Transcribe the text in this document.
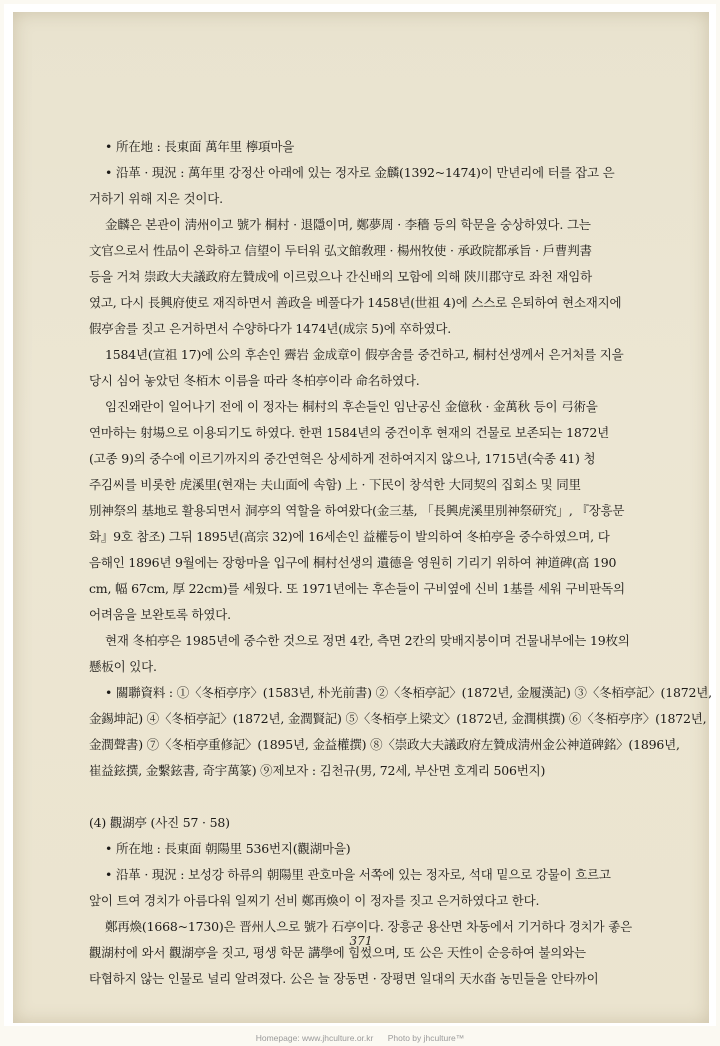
• 所在地 : 長東面 萬年里 檸項마을
• 沿革 · 現況 : 萬年里 강정산 아래에 있는 정자로 金麟(1392~1474)이 만년리에 터를 잡고 은
거하기 위해 지은 것이다.
金麟은 본관이 淸州이고 號가 桐村 · 退隱이며, 鄭夢周 · 李穡 등의 학문을 숭상하였다. 그는
文官으로서 性品이 온화하고 信望이 두터워 弘文館敎理 · 楊州牧使 · 承政院都承旨 · 戶曹判書
등을 거쳐 崇政大夫議政府左贊成에 이르렀으나 간신배의 모함에 의해 陝川郡守로 좌천 재임하
였고, 다시 長興府使로 재직하면서 善政을 베풀다가 1458년(世祖 4)에 스스로 은퇴하여 현소재지에
假亭舍를 짓고 은거하면서 수양하다가 1474년(成宗 5)에 卒하였다.
1584년(宣祖 17)에 公의 후손인 霽岩 金成章이 假亭舍를 중건하고, 桐村선생께서 은거처를 지을
당시 심어 놓았던 冬栢木 이름을 따라 冬柏亭이라 命名하였다.
임진왜란이 일어나기 전에 이 정자는 桐村의 후손들인 임난공신 金億秋 · 金萬秋 등이 弓術을
연마하는 射場으로 이용되기도 하였다. 한편 1584년의 중건이후 현재의 건물로 보존되는 1872년
(고종 9)의 중수에 이르기까지의 중간연혁은 상세하게 전하여지지 않으나, 1715년(숙종 41) 청
주김씨를 비롯한 虎溪里(현재는 夫山面에 속함) 上 · 下民이 창석한 大同契의 집회소 및 同里
別神祭의 基地로 활용되면서 洞亭의 역할을 하여왔다(金三基, 「長興虎溪里別神祭研究」, 『장흥문
화』9호 참조) 그뒤 1895년(高宗 32)에 16세손인 益權등이 발의하여 冬柏亭을 중수하였으며, 다
음해인 1896년 9월에는 장항마을 입구에 桐村선생의 遺德을 영원히 기리기 위하여 神道碑(高 190
cm, 幅 67cm, 厚 22cm)를 세웠다. 또 1971년에는 후손들이 구비옆에 신비 1基를 세워 구비판독의
어려움을 보완토록 하였다.
현재 冬柏亭은 1985년에 중수한 것으로 정면 4칸, 측면 2칸의 맞배지붕이며 건물내부에는 19枚의
懸板이 있다.
• 關聯資料 : ①〈冬栢亭序〉(1583년, 朴光前書) ②〈冬栢亭記〉(1872년, 金履漢記) ③〈冬栢亭記〉(1872년,
金錫坤記) ④〈冬栢亭記〉(1872년, 金潤賢記) ⑤〈冬栢亭上梁文〉(1872년, 金潤棋撰) ⑥〈冬栢亭序〉(1872년,
金潤聲書) ⑦〈冬栢亭重修記〉(1895년, 金益權撰) ⑧〈崇政大夫議政府左贊成淸州金公神道碑銘〉(1896년,
崔益鉉撰, 金繫鉉書, 奇宇萬篆) ⑨제보자 : 김천규(男, 72세, 부산면 호계리 506번지)
(4) 觀湖亭 (사진 57 · 58)
• 所在地 : 長東面 朝陽里 536번지(觀湖마을)
• 沿革 · 現況 : 보성강 하류의 朝陽里 관호마을 서쪽에 있는 정자로, 석대 밑으로 강물이 흐르고
앞이 트여 경치가 아름다워 일찌기 선비 鄭再煥이 이 정자를 짓고 은거하였다고 한다.
鄭再煥(1668~1730)은 晋州人으로 號가 石亭이다. 장흥군 용산면 차동에서 기거하다 경치가 좋은
觀湖村에 와서 觀湖亭을 짓고, 평생 학문 講學에 힘썼으며, 또 公은 天性이 순응하여 불의와는
타협하지 않는 인물로 널리 알려졌다. 公은 늘 장동면 · 장평면 일대의 天水畓 농민들을 안타까이
371
Homepage: www.jhculture.or.kr Photo by jhculture™
